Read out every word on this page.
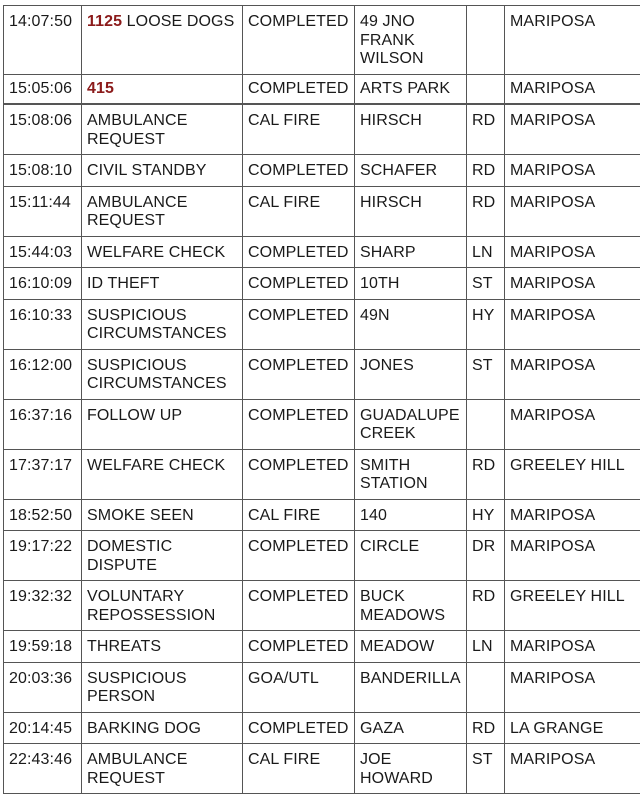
14:07:50	1125 LOOSE DOGS	COMPLETED	49 JNO FRANK WILSON		MARIPOSA
15:05:06	415	COMPLETED	ARTS PARK		MARIPOSA
15:08:06	AMBULANCE REQUEST	CAL FIRE	HIRSCH	RD	MARIPOSA
15:08:10	CIVIL STANDBY	COMPLETED	SCHAFER	RD	MARIPOSA
15:11:44	AMBULANCE REQUEST	CAL FIRE	HIRSCH	RD	MARIPOSA
15:44:03	WELFARE CHECK	COMPLETED	SHARP	LN	MARIPOSA
16:10:09	ID THEFT	COMPLETED	10TH	ST	MARIPOSA
16:10:33	SUSPICIOUS CIRCUMSTANCES	COMPLETED	49N	HY	MARIPOSA
16:12:00	SUSPICIOUS CIRCUMSTANCES	COMPLETED	JONES	ST	MARIPOSA
16:37:16	FOLLOW UP	COMPLETED	GUADALUPE CREEK		MARIPOSA
17:37:17	WELFARE CHECK	COMPLETED	SMITH STATION	RD	GREELEY HILL
18:52:50	SMOKE SEEN	CAL FIRE	140	HY	MARIPOSA
19:17:22	DOMESTIC DISPUTE	COMPLETED	CIRCLE	DR	MARIPOSA
19:32:32	VOLUNTARY REPOSSESSION	COMPLETED	BUCK MEADOWS	RD	GREELEY HILL
19:59:18	THREATS	COMPLETED	MEADOW	LN	MARIPOSA
20:03:36	SUSPICIOUS PERSON	GOA/UTL	BANDERILLA		MARIPOSA
20:14:45	BARKING DOG	COMPLETED	GAZA	RD	LA GRANGE
22:43:46	AMBULANCE REQUEST	CAL FIRE	JOE HOWARD	ST	MARIPOSA
